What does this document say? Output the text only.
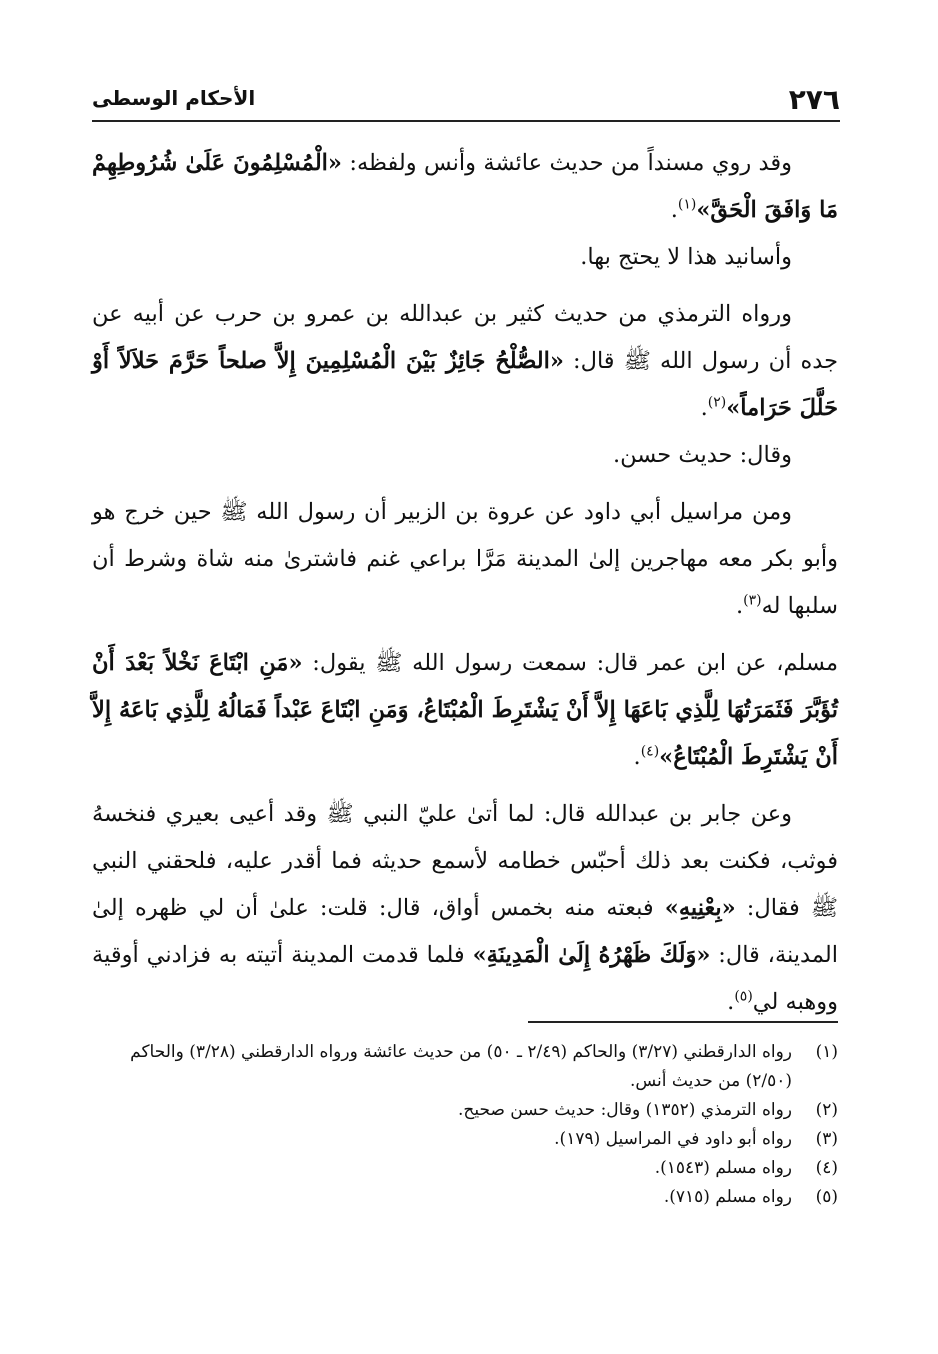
٢٧٦
الأحكام الوسطى

وقد روي مسنداً من حديث عائشة وأنس ولفظه: «الْمُسْلِمُونَ عَلَىٰ شُرُوطِهِمْ مَا وَافَقَ الْحَقَّ»$^{(١)}$.

وأسانيد هذا لا يحتج بها.

ورواه الترمذي من حديث كثير بن عبدالله بن عمرو بن حرب عن أبيه عن جده أن رسول الله ﷺ قال: «الصُّلْحُ جَائِزٌ بَيْنَ الْمُسْلِمِينَ إِلاَّ صلحاً حَرَّمَ حَلاَلاً أَوْ حَلَّلَ حَرَاماً»$^{(٢)}$.

وقال: حديث حسن.

ومن مراسيل أبي داود عن عروة بن الزبير أن رسول الله ﷺ حين خرج هو وأبو بكر معه مهاجرين إلىٰ المدينة مَرَّا براعي غنم فاشترىٰ منه شاة وشرط أن سلبها له$^{(٣)}$.

مسلم، عن ابن عمر قال: سمعت رسول الله ﷺ يقول: «مَنِ ابْتَاعَ نَخْلاً بَعْدَ أَنْ تُؤَبَّرَ فَثَمَرَتُهَا لِلَّذِي بَاعَهَا إِلاَّ أَنْ يَشْتَرِطَ الْمُبْتَاعُ، وَمَنِ ابْتَاعَ عَبْداً فَمَالُهُ لِلَّذِي بَاعَهُ إِلاَّ أَنْ يَشْتَرِطَ الْمُبْتَاعُ»$^{(٤)}$.

وعن جابر بن عبدالله قال: لما أتىٰ عليّ النبي ﷺ وقد أعيى بعيري فنخسهُ فوثب، فكنت بعد ذلك أحبّس خطامه لأسمع حديثه فما أقدر عليه، فلحقني النبي ﷺ فقال: «بِعْنِيهِ» فبعته منه بخمس أواق، قال: قلت: علىٰ أن لي ظهره إلىٰ المدينة، قال: «وَلَكَ ظَهْرُهُ إِلَىٰ الْمَدِينَةِ» فلما قدمت المدينة أتيته به فزادني أوقية ووهبه لي$^{(٥)}$.

(١)
رواه الدارقطني (٣/٢٧) والحاكم (٢/٤٩ ـ ٥٠) من حديث عائشة ورواه الدارقطني (٣/٢٨) والحاكم (٢/٥٠) من حديث أنس.
(٢)
رواه الترمذي (١٣٥٢) وقال: حديث حسن صحيح.
(٣)
رواه أبو داود في المراسيل (١٧٩).
(٤)
رواه مسلم (١٥٤٣).
(٥)
رواه مسلم (٧١٥).
